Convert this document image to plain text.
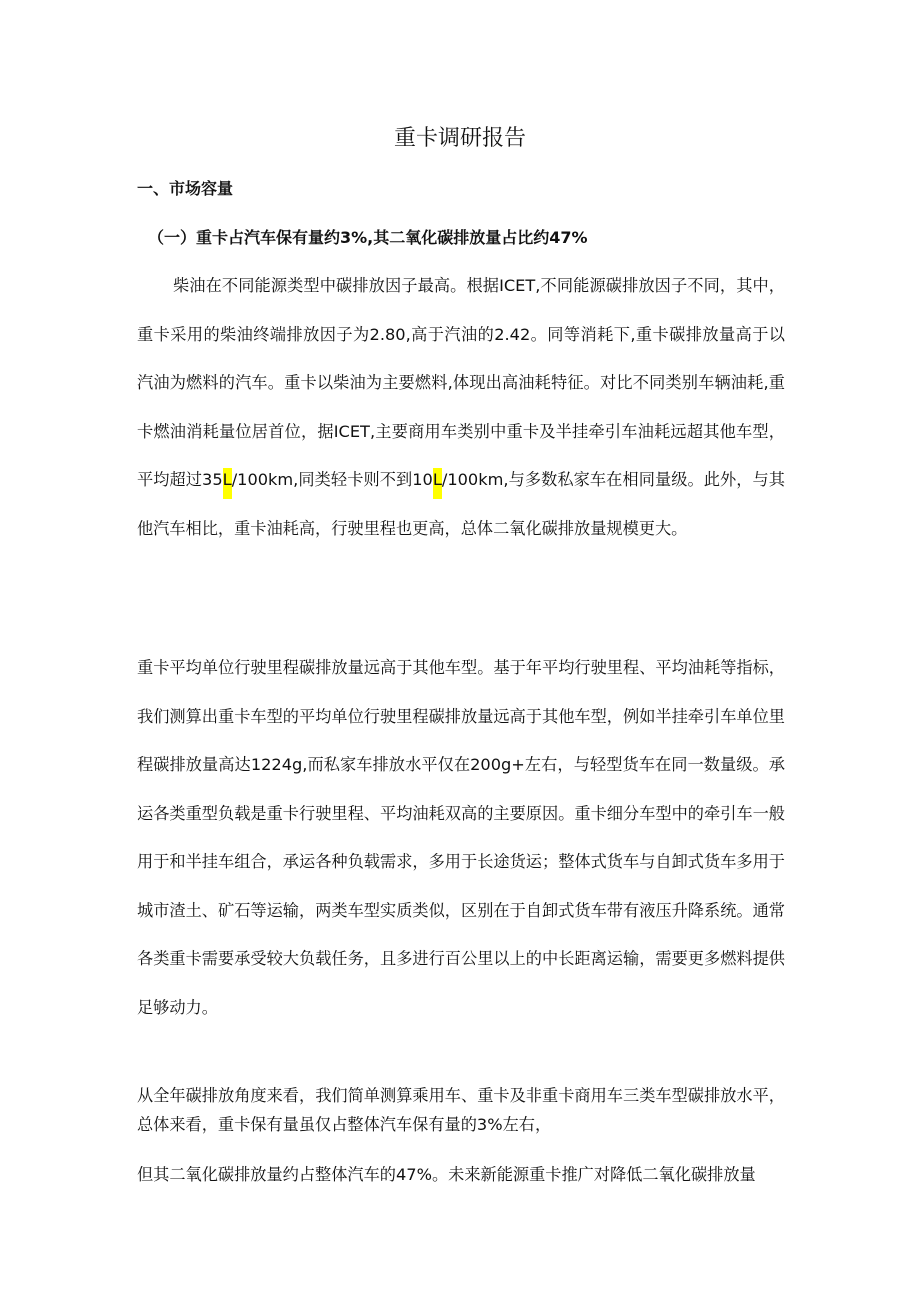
重卡调研报告
一、市场容量
（一）重卡占汽车保有量约3%,其二氧化碳排放量占比约47%

柴油在不同能源类型中碳排放因子最高。根据ICET,不同能源碳排放因子不同，其中，重卡采用的柴油终端排放因子为2.80,高于汽油的2.42。同等消耗下,重卡碳排放量高于以汽油为燃料的汽车。重卡以柴油为主要燃料,体现出高油耗特征。对比不同类别车辆油耗,重卡燃油消耗量位居首位，据ICET,主要商用车类别中重卡及半挂牵引车油耗远超其他车型，平均超过35L/100km,同类轻卡则不到10L/100km,与多数私家车在相同量级。此外，与其他汽车相比，重卡油耗高，行驶里程也更高，总体二氧化碳排放量规模更大。

重卡平均单位行驶里程碳排放量远高于其他车型。基于年平均行驶里程、平均油耗等指标，我们测算出重卡车型的平均单位行驶里程碳排放量远高于其他车型，例如半挂牵引车单位里程碳排放量高达1224g,而私家车排放水平仅在200g+左右，与轻型货车在同一数量级。承运各类重型负载是重卡行驶里程、平均油耗双高的主要原因。重卡细分车型中的牵引车一般用于和半挂车组合，承运各种负载需求，多用于长途货运；整体式货车与自卸式货车多用于城市渣土、矿石等运输，两类车型实质类似，区别在于自卸式货车带有液压升降系统。通常各类重卡需要承受较大负载任务，且多进行百公里以上的中长距离运输，需要更多燃料提供足够动力。

从全年碳排放角度来看，我们简单测算乘用车、重卡及非重卡商用车三类车型碳排放水平，总体来看，重卡保有量虽仅占整体汽车保有量的3%左右，

但其二氧化碳排放量约占整体汽车的47%。未来新能源重卡推广对降低二氧化碳排放量
